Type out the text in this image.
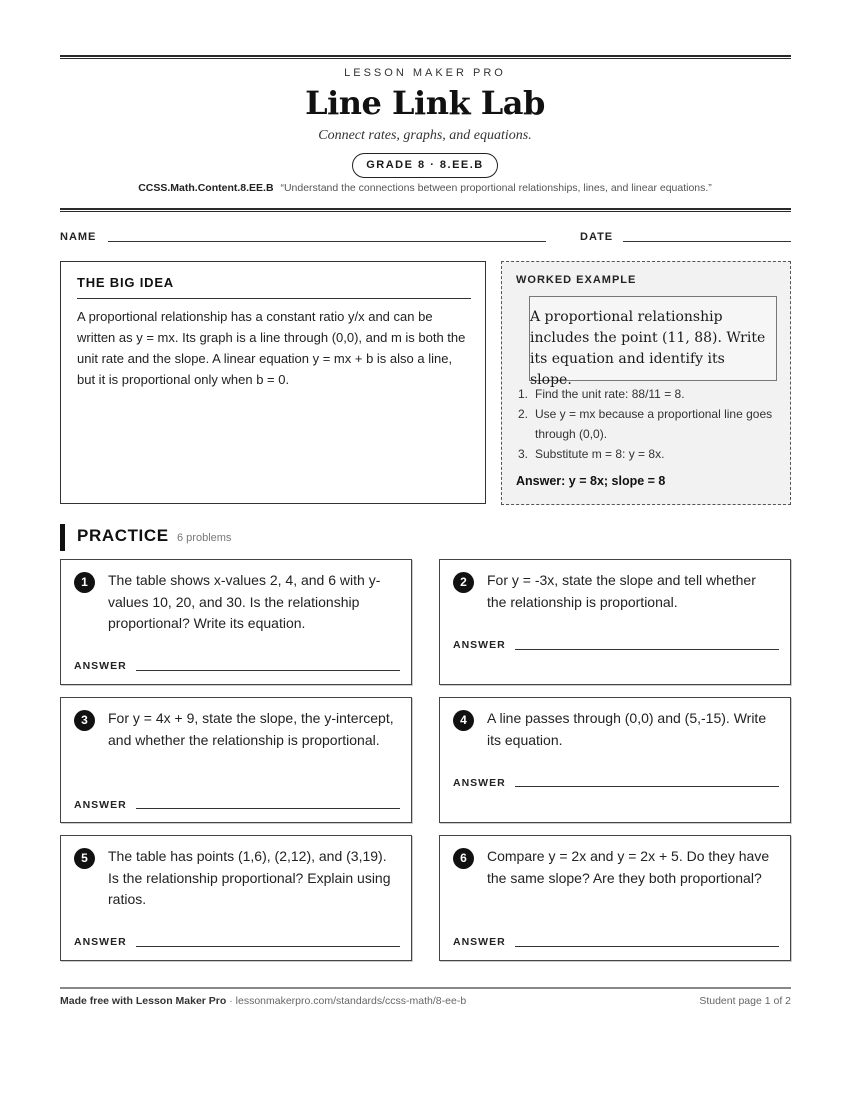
LESSON MAKER PRO
Line Link Lab
Connect rates, graphs, and equations.
GRADE 8 · 8.EE.B
CCSS.Math.Content.8.EE.B “Understand the connections between proportional relationships, lines, and linear equations.”
NAME	DATE
THE BIG IDEA

A proportional relationship has a constant ratio y/x and can be written as y = mx. Its graph is a line through (0,0), and m is both the unit rate and the slope. A linear equation y = mx + b is also a line, but it is proportional only when b = 0.

WORKED EXAMPLE

A proportional relationship includes the point (11, 88). Write its equation and identify its slope.

1. Find the unit rate: 88/11 = 8.
2. Use y = mx because a proportional line goes through (0,0).
3. Substitute m = 8: y = 8x.
Answer: y = 8x; slope = 8
PRACTICE 6 problems
1	The table shows x-values 2, 4, and 6 with y-values 10, 20, and 30. Is the relationship proportional? Write its equation.
ANSWER
2	For y = -3x, state the slope and tell whether the relationship is proportional.
ANSWER
3	For y = 4x + 9, state the slope, the y-intercept, and whether the relationship is proportional.
ANSWER
4	A line passes through (0,0) and (5,-15). Write its equation.
ANSWER
5	The table has points (1,6), (2,12), and (3,19). Is the relationship proportional? Explain using ratios.
ANSWER
6	Compare y = 2x and y = 2x + 5. Do they have the same slope? Are they both proportional?
ANSWER
Made free with Lesson Maker Pro · lessonmakerpro.com/standards/ccss-math/8-ee-b	Student page 1 of 2
